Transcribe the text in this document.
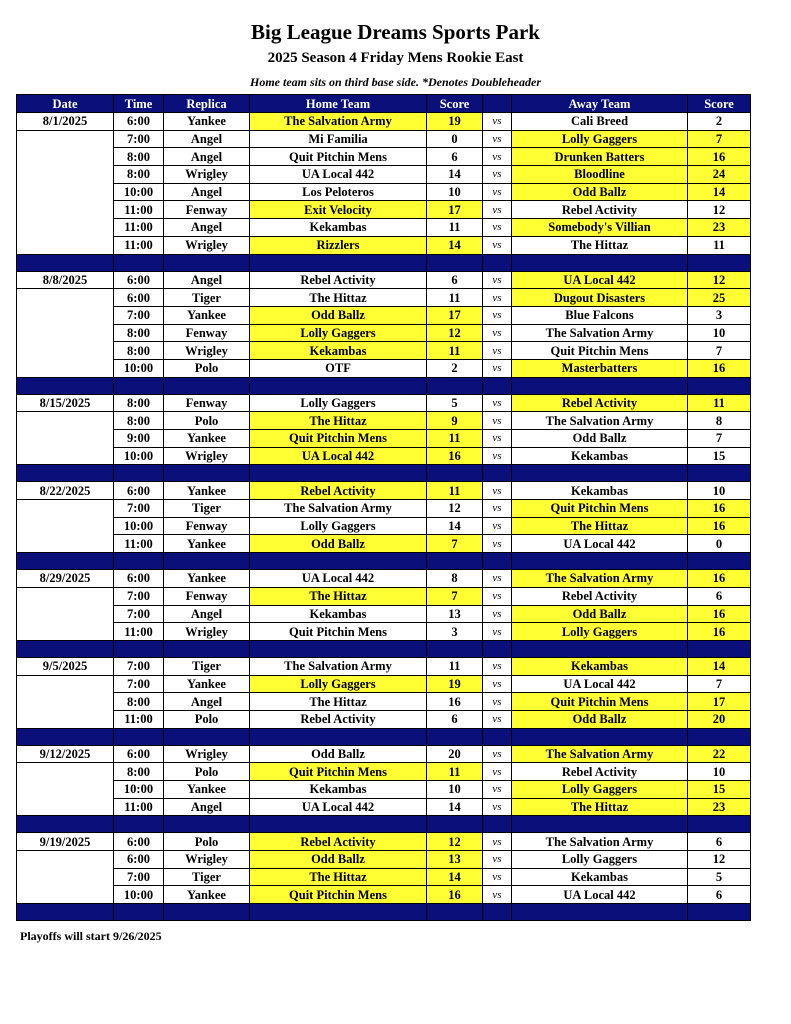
Big League Dreams Sports Park
2025 Season 4 Friday Mens Rookie East
Home team sits on third base side. *Denotes Doubleheader
Date	Time	Replica	Home Team	Score		Away Team	Score
8/1/2025	6:00	Yankee	The Salvation Army	19	vs	Cali Breed	2
	7:00	Angel	Mi Familia	0	vs	Lolly Gaggers	7
	8:00	Angel	Quit Pitchin Mens	6	vs	Drunken Batters	16
	8:00	Wrigley	UA Local 442	14	vs	Bloodline	24
	10:00	Angel	Los Peloteros	10	vs	Odd Ballz	14
	11:00	Fenway	Exit Velocity	17	vs	Rebel Activity	12
	11:00	Angel	Kekambas	11	vs	Somebody's Villian	23
	11:00	Wrigley	Rizzlers	14	vs	The Hittaz	11

8/8/2025	6:00	Angel	Rebel Activity	6	vs	UA Local 442	12
	6:00	Tiger	The Hittaz	11	vs	Dugout Disasters	25
	7:00	Yankee	Odd Ballz	17	vs	Blue Falcons	3
	8:00	Fenway	Lolly Gaggers	12	vs	The Salvation Army	10
	8:00	Wrigley	Kekambas	11	vs	Quit Pitchin Mens	7
	10:00	Polo	OTF	2	vs	Masterbatters	16

8/15/2025	8:00	Fenway	Lolly Gaggers	5	vs	Rebel Activity	11
	8:00	Polo	The Hittaz	9	vs	The Salvation Army	8
	9:00	Yankee	Quit Pitchin Mens	11	vs	Odd Ballz	7
	10:00	Wrigley	UA Local 442	16	vs	Kekambas	15

8/22/2025	6:00	Yankee	Rebel Activity	11	vs	Kekambas	10
	7:00	Tiger	The Salvation Army	12	vs	Quit Pitchin Mens	16
	10:00	Fenway	Lolly Gaggers	14	vs	The Hittaz	16
	11:00	Yankee	Odd Ballz	7	vs	UA Local 442	0

8/29/2025	6:00	Yankee	UA Local 442	8	vs	The Salvation Army	16
	7:00	Fenway	The Hittaz	7	vs	Rebel Activity	6
	7:00	Angel	Kekambas	13	vs	Odd Ballz	16
	11:00	Wrigley	Quit Pitchin Mens	3	vs	Lolly Gaggers	16

9/5/2025	7:00	Tiger	The Salvation Army	11	vs	Kekambas	14
	7:00	Yankee	Lolly Gaggers	19	vs	UA Local 442	7
	8:00	Angel	The Hittaz	16	vs	Quit Pitchin Mens	17
	11:00	Polo	Rebel Activity	6	vs	Odd Ballz	20

9/12/2025	6:00	Wrigley	Odd Ballz	20	vs	The Salvation Army	22
	8:00	Polo	Quit Pitchin Mens	11	vs	Rebel Activity	10
	10:00	Yankee	Kekambas	10	vs	Lolly Gaggers	15
	11:00	Angel	UA Local 442	14	vs	The Hittaz	23

9/19/2025	6:00	Polo	Rebel Activity	12	vs	The Salvation Army	6
	6:00	Wrigley	Odd Ballz	13	vs	Lolly Gaggers	12
	7:00	Tiger	The Hittaz	14	vs	Kekambas	5
	10:00	Yankee	Quit Pitchin Mens	16	vs	UA Local 442	6

Playoffs will start 9/26/2025
